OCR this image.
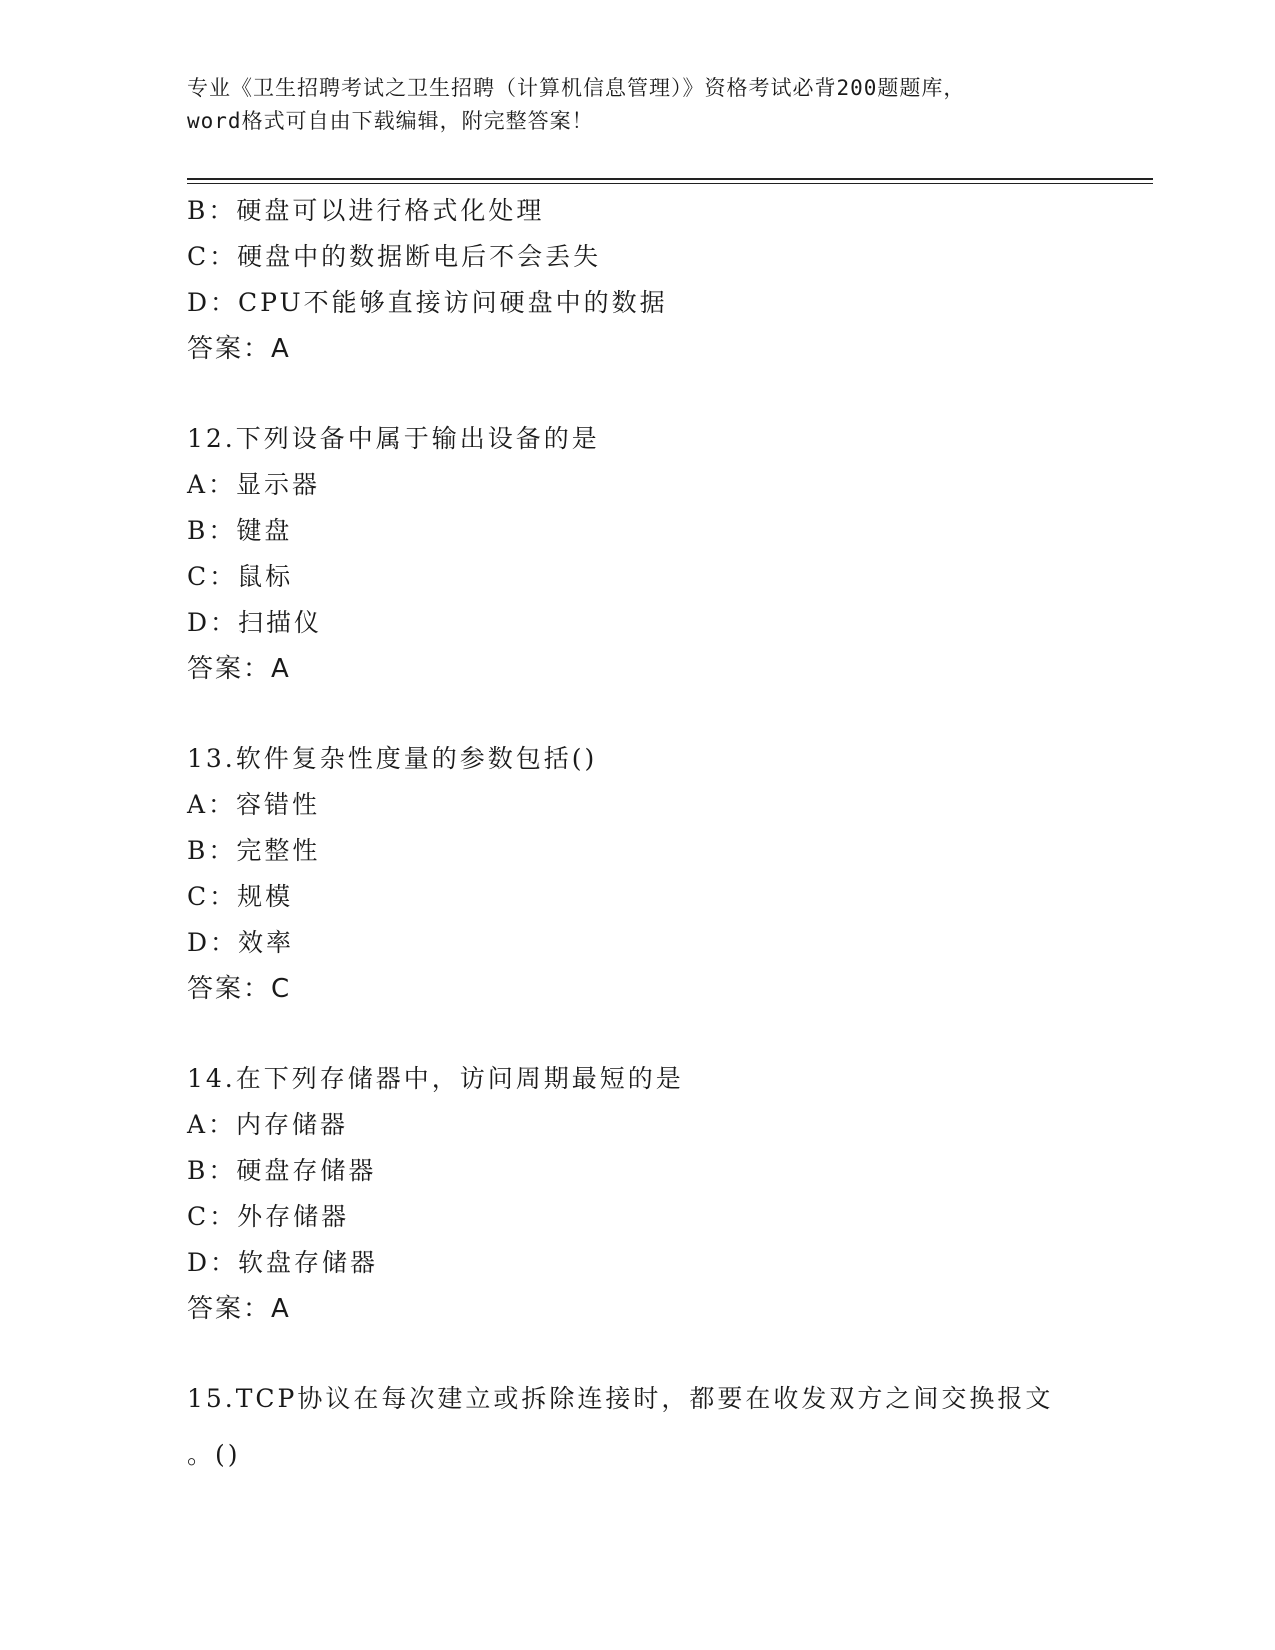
专业《卫生招聘考试之卫生招聘（计算机信息管理）》资格考试必背200题题库，
word格式可自由下载编辑，附完整答案！
B：硬盘可以进行格式化处理
C：硬盘中的数据断电后不会丢失
D：CPU不能够直接访问硬盘中的数据
答案：A
12.下列设备中属于输出设备的是
A：显示器
B：键盘
C：鼠标
D：扫描仪
答案：A
13.软件复杂性度量的参数包括()
A：容错性
B：完整性
C：规模
D：效率
答案：C
14.在下列存储器中，访问周期最短的是
A：内存储器
B：硬盘存储器
C：外存储器
D：软盘存储器
答案：A
15.TCP协议在每次建立或拆除连接时，都要在收发双方之间交换报文
。()
